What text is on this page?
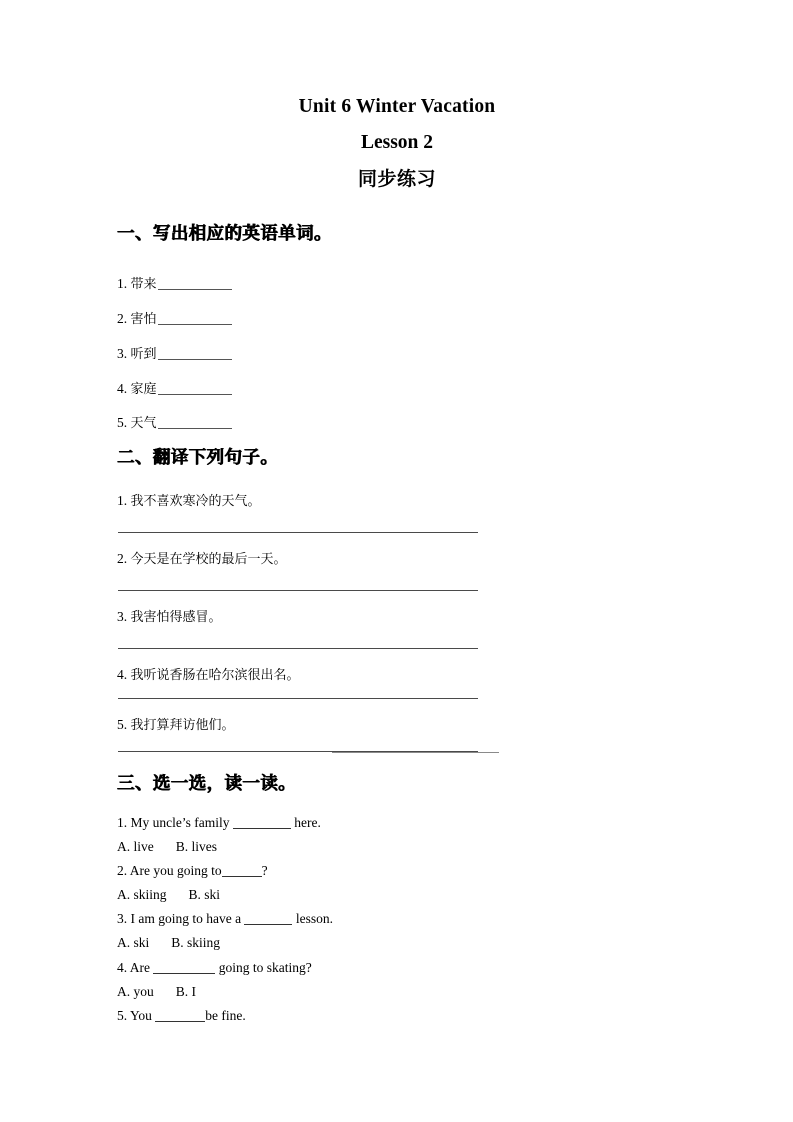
Unit 6 Winter Vacation
Lesson 2
同步练习
一、写出相应的英语单词。
1. 带来
2. 害怕
3. 听到
4. 家庭
5. 天气
二、翻译下列句子。
1. 我不喜欢寒冷的天气。
2. 今天是在学校的最后一天。
3. 我害怕得感冒。
4. 我听说香肠在哈尔滨很出名。
5. 我打算拜访他们。
三、选一选，读一读。
1. My uncle’s family	here.
A. live B. lives
2. Are you going to	?
A. skiing B. ski
3. I am going to have a	lesson.
A. ski B. skiing
4. Are	going to skating?
A. you B. I
5. You	be fine.
